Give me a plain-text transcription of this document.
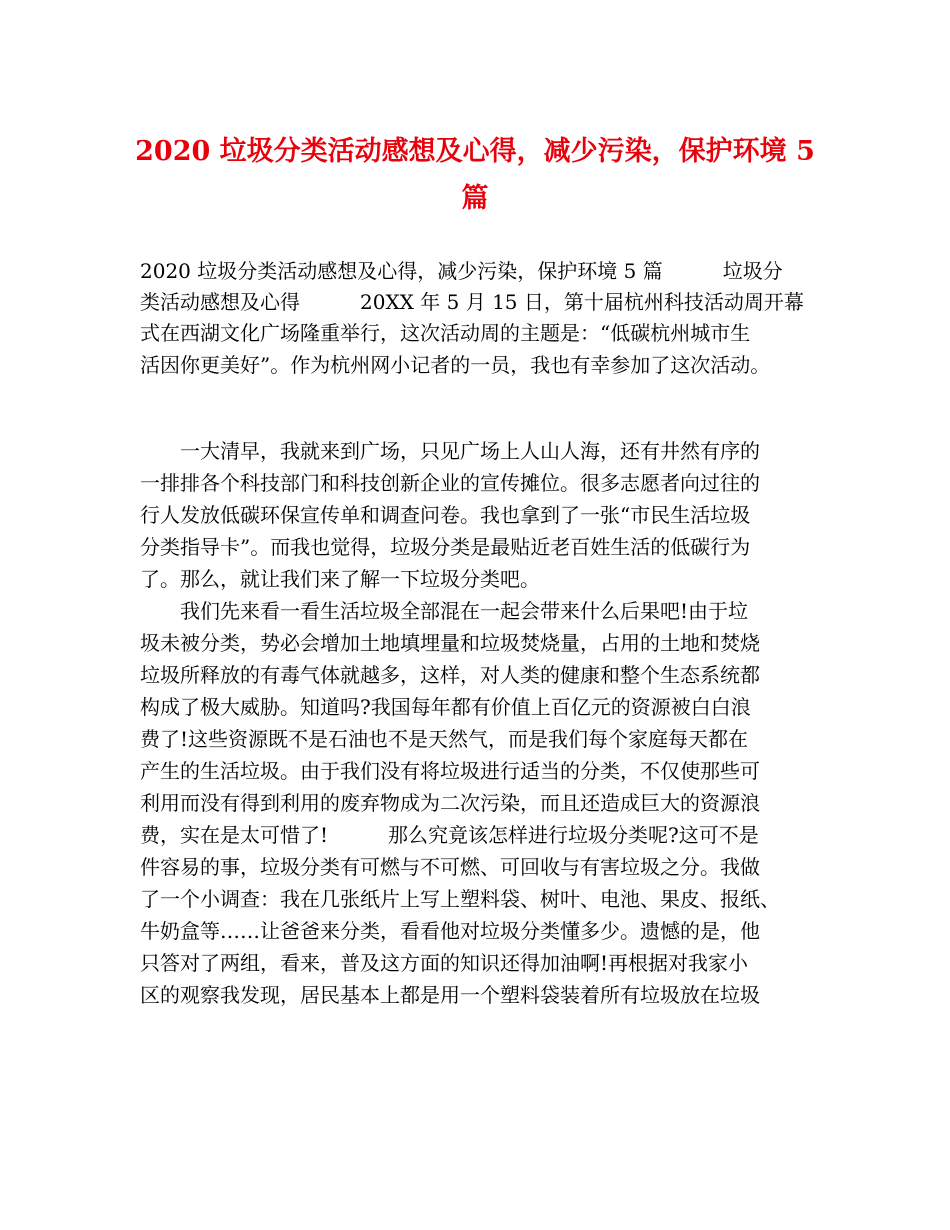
2020 垃圾分类活动感想及心得，减少污染，保护环境 5
篇
2020 垃圾分类活动感想及心得，减少污染，保护环境 5 篇　　　垃圾分
类活动感想及心得　　　20XX 年 5 月 15 日，第十届杭州科技活动周开幕
式在西湖文化广场隆重举行，这次活动周的主题是：“低碳杭州城市生
活因你更美好”。作为杭州网小记者的一员，我也有幸参加了这次活动。
　　一大清早，我就来到广场，只见广场上人山人海，还有井然有序的
一排排各个科技部门和科技创新企业的宣传摊位。很多志愿者向过往的
行人发放低碳环保宣传单和调查问卷。我也拿到了一张“市民生活垃圾
分类指导卡”。而我也觉得，垃圾分类是最贴近老百姓生活的低碳行为
了。那么，就让我们来了解一下垃圾分类吧。
　　我们先来看一看生活垃圾全部混在一起会带来什么后果吧!由于垃
圾未被分类，势必会增加土地填埋量和垃圾焚烧量，占用的土地和焚烧
垃圾所释放的有毒气体就越多，这样，对人类的健康和整个生态系统都
构成了极大威胁。知道吗?我国每年都有价值上百亿元的资源被白白浪
费了!这些资源既不是石油也不是天然气，而是我们每个家庭每天都在
产生的生活垃圾。由于我们没有将垃圾进行适当的分类，不仅使那些可
利用而没有得到利用的废弃物成为二次污染，而且还造成巨大的资源浪
费，实在是太可惜了!　　　那么究竟该怎样进行垃圾分类呢?这可不是
件容易的事，垃圾分类有可燃与不可燃、可回收与有害垃圾之分。我做
了一个小调查：我在几张纸片上写上塑料袋、树叶、电池、果皮、报纸、
牛奶盒等……让爸爸来分类，看看他对垃圾分类懂多少。遗憾的是，他
只答对了两组，看来，普及这方面的知识还得加油啊!再根据对我家小
区的观察我发现，居民基本上都是用一个塑料袋装着所有垃圾放在垃圾
